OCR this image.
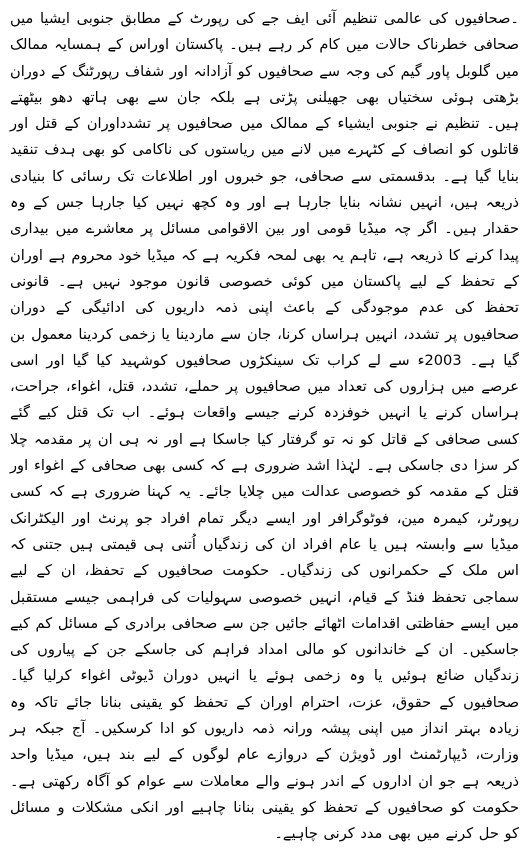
۔صحافیوں کی عالمی تنظیم آئی ایف جے کی رپورٹ کے مطابق جنوبی ایشیا میں صحافی خطرناک حالات میں کام کر رہے ہیں۔ پاکستان اوراس کے ہمسایہ ممالک میں گلوبل پاور گیم کی وجہ سے صحافیوں کو آزادانہ اور شفاف رپورٹنگ کے دوران بڑھتی ہوئی سختیاں بھی جھیلنی پڑتی ہے بلکہ جان سے بھی ہاتھ دھو بیٹھتے ہیں۔ تنظیم نے جنوبی ایشیاء کے ممالک میں صحافیوں پر تشدداوران کے قتل اور قاتلوں کو انصاف کے کٹہرے میں لانے میں ریاستوں کی ناکامی کو بھی ہدف تنقید بنایا گیا ہے۔ بدقسمتی سے صحافی، جو خبروں اور اطلاعات تک رسائی کا بنیادی ذریعہ ہیں، انہیں نشانہ بنایا جارہا ہے اور وہ کچھ نہیں کیا جارہا جس کے وہ حقدار ہیں۔ اگر چہ میڈیا قومی اور بین الاقوامی مسائل پر معاشرے میں بیداری پیدا کرنے کا ذریعہ ہے، تاہم یہ بھی لمحہ فکریہ ہے کہ میڈیا خود محروم ہے اوران کے تحفظ کے لیے پاکستان میں کوئی خصوصی قانون موجود نہیں ہے۔ قانونی تحفظ کی عدم موجودگی کے باعث اپنی ذمہ داریوں کی ادائیگی کے دوران صحافیوں پر تشدد، انہیں ہراساں کرنا، جان سے ماردینا یا زخمی کردینا معمول بن گیا ہے۔ 2003ء سے لے کراب تک سینکڑوں صحافیوں کوشہید کیا گیا اور اسی عرصے میں ہزاروں کی تعداد میں صحافیوں پر حملے، تشدد، قتل، اغواء، جراحت، ہراساں کرنے یا انہیں خوفزدہ کرنے جیسے واقعات ہوئے۔ اب تک قتل کیے گئے کسی صحافی کے قاتل کو نہ تو گرفتار کیا جاسکا ہے اور نہ ہی ان پر مقدمہ چلا کر سزا دی جاسکی ہے۔ لہٰذا اشد ضروری ہے کہ کسی بھی صحافی کے اغواء اور قتل کے مقدمہ کو خصوصی عدالت میں چلایا جائے۔ یہ کہنا ضروری ہے کہ کسی رپورٹر، کیمرہ مین، فوٹوگرافر اور ایسے دیگر تمام افراد جو پرنٹ اور الیکٹرانک میڈیا سے وابستہ ہیں یا عام افراد ان کی زندگیاں اُتنی ہی قیمتی ہیں جتنی کہ اس ملک کے حکمرانوں کی زندگیاں۔ حکومت صحافیوں کے تحفظ، ان کے لیے سماجی تحفظ فنڈ کے قیام، انہیں خصوصی سہولیات کی فراہمی جیسے مستقبل میں ایسے حفاظتی اقدامات اٹھائے جائیں جن سے صحافی برادری کے مسائل کم کیے جاسکیں۔ ان کے خاندانوں کو مالی امداد فراہم کی جاسکے جن کے پیاروں کی زندگیاں ضائع ہوئیں یا وہ زخمی ہوئے یا انہیں دوران ڈیوٹی اغواء کرلیا گیا۔ صحافیوں کے حقوق، عزت، احترام اوران کے تحفظ کو یقینی بنانا جائے تاکہ وہ زیادہ بہتر انداز میں اپنی پیشہ ورانہ ذمہ داریوں کو ادا کرسکیں۔ آج جبکہ ہر وزارت، ڈیپارٹمنٹ اور ڈویژن کے دروازے عام لوگوں کے لیے بند ہیں، میڈیا واحد ذریعہ ہے جو ان اداروں کے اندر ہونے والے معاملات سے عوام کو آگاہ رکھتی ہے۔ حکومت کو صحافیوں کے تحفظ کو یقینی بنانا چاہیے اور انکی مشکلات و مسائل کو حل کرنے میں بھی مدد کرنی چاہیے۔
